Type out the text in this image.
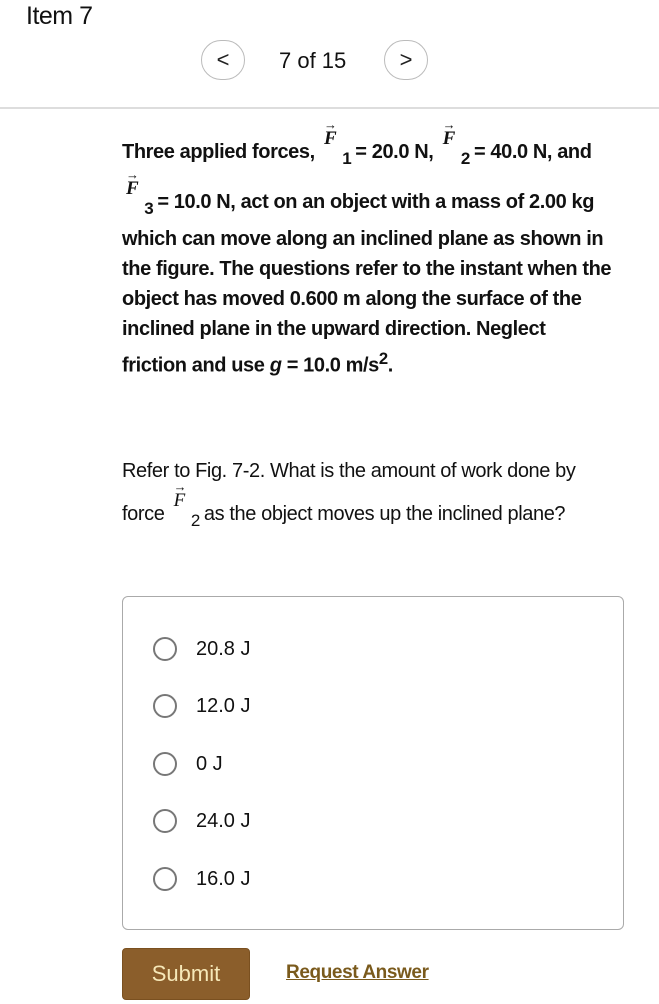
Item 7
< 7 of 15 >
Three applied forces, → $F_1 = 20.0$ N, → $F_2 = 40.0$ N, and → $F_3 = 10.0$ N, act on an object with a mass of 2.00 kg which can move along an inclined plane as shown in the figure. The questions refer to the instant when the object has moved 0.600 m along the surface of the inclined plane in the upward direction. Neglect friction and use g = 10.0 $m/s^2$.
Refer to Fig. 7-2. What is the amount of work done by force → $F_2$ as the object moves up the inclined plane?
20.8 J
12.0 J
0 J
24.0 J
16.0 J
Submit	Request Answer
